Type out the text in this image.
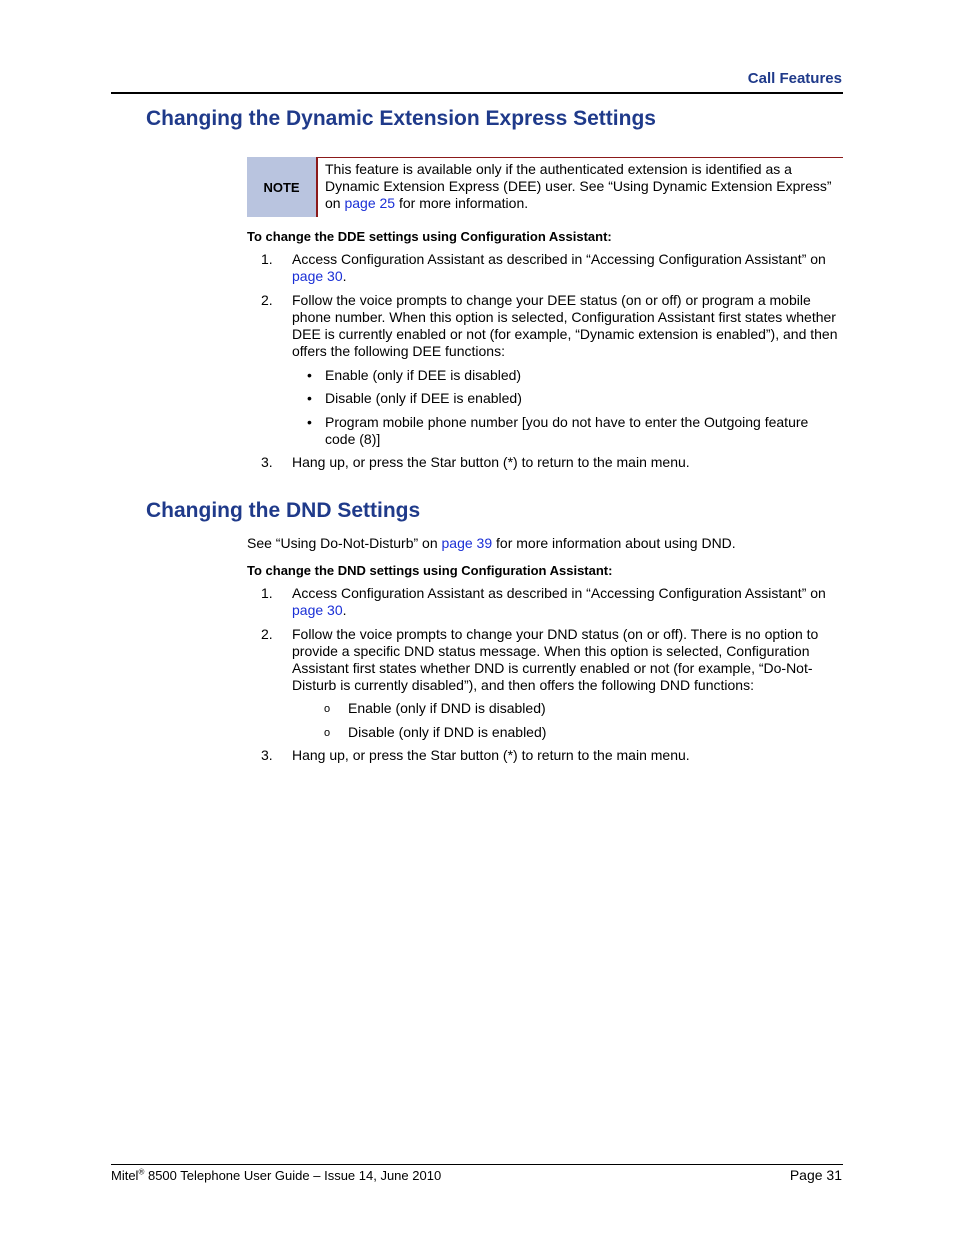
Call Features
Changing the Dynamic Extension Express Settings
NOTE
This feature is available only if the authenticated extension is identified as a
Dynamic Extension Express (DEE) user. See “Using Dynamic Extension Express”
on page 25 for more information.
To change the DDE settings using Configuration Assistant:
1.	Access Configuration Assistant as described in “Accessing Configuration Assistant” on
page 30.
2.	Follow the voice prompts to change your DEE status (on or off) or program a mobile
phone number. When this option is selected, Configuration Assistant first states whether
DEE is currently enabled or not (for example, “Dynamic extension is enabled”), and then
offers the following DEE functions:
• Enable (only if DEE is disabled)
• Disable (only if DEE is enabled)
• Program mobile phone number [you do not have to enter the Outgoing feature
code (8)]
3.	Hang up, or press the Star button (*) to return to the main menu.
Changing the DND Settings
See “Using Do-Not-Disturb” on page 39 for more information about using DND.
To change the DND settings using Configuration Assistant:
1.	Access Configuration Assistant as described in “Accessing Configuration Assistant” on
page 30.
2.	Follow the voice prompts to change your DND status (on or off). There is no option to
provide a specific DND status message. When this option is selected, Configuration
Assistant first states whether DND is currently enabled or not (for example, “Do-Not-
Disturb is currently disabled”), and then offers the following DND functions:
o	Enable (only if DND is disabled)
o	Disable (only if DND is enabled)
3.	Hang up, or press the Star button (*) to return to the main menu.
Mitel® 8500 Telephone User Guide – Issue 14, June 2010	Page 31
